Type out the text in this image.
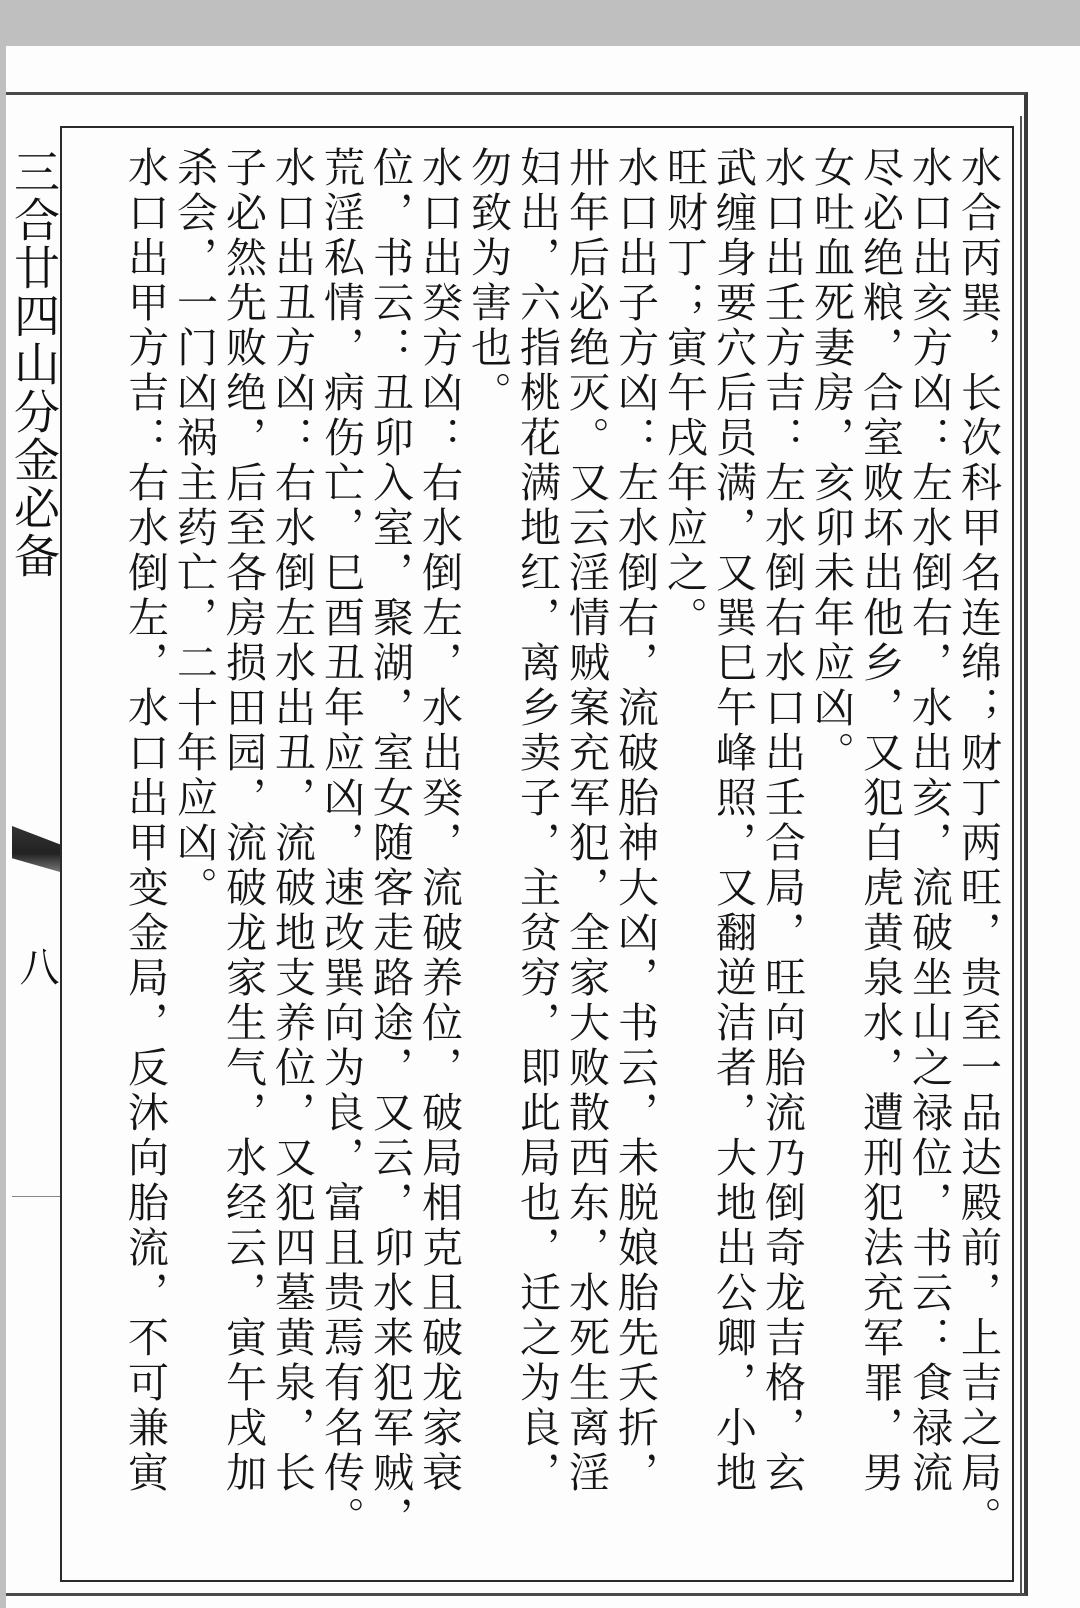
三合廿四山分金必备
八	水合丙巽，长次科甲名连绵；财丁两旺，贵至一品达殿前，上吉之局。

水口出亥方凶：左水倒右，水出亥，流破坐山之禄位，书云：食禄流

尽必绝粮，合室败坏出他乡，又犯白虎黄泉水，遭刑犯法充军罪，男

女吐血死妻房，亥卯未年应凶。

水口出壬方吉：左水倒右水口出壬合局，旺向胎流乃倒奇龙吉格，玄

武缠身要穴后员满，又巽巳午峰照，又翻逆洁者，大地出公卿，小地

旺财丁；寅午戌年应之。

水口出子方凶：左水倒右，流破胎神大凶，书云，未脱娘胎先夭折，

卅年后必绝灭。又云淫情贼案充军犯，全家大败散西东，水死生离淫

妇出，六指桃花满地红，离乡卖子，主贫穷，即此局也，迁之为良，

勿致为害也。

水口出癸方凶：右水倒左，水出癸，流破养位，破局相克且破龙家衰

位，书云：丑卯入室，聚湖，室女随客走路途，又云，卯水来犯军贼，

荒淫私情，病伤亡，巳酉丑年应凶，速改巽向为良，富且贵焉有名传。

水口出丑方凶：右水倒左水出丑，流破地支养位，又犯四墓黄泉，长

子必然先败绝，后至各房损田园，流破龙家生气，水经云，寅午戌加

杀会，一门凶祸主药亡，二十年应凶。

水口出甲方吉：右水倒左，水口出甲变金局，反沐向胎流，不可兼寅
